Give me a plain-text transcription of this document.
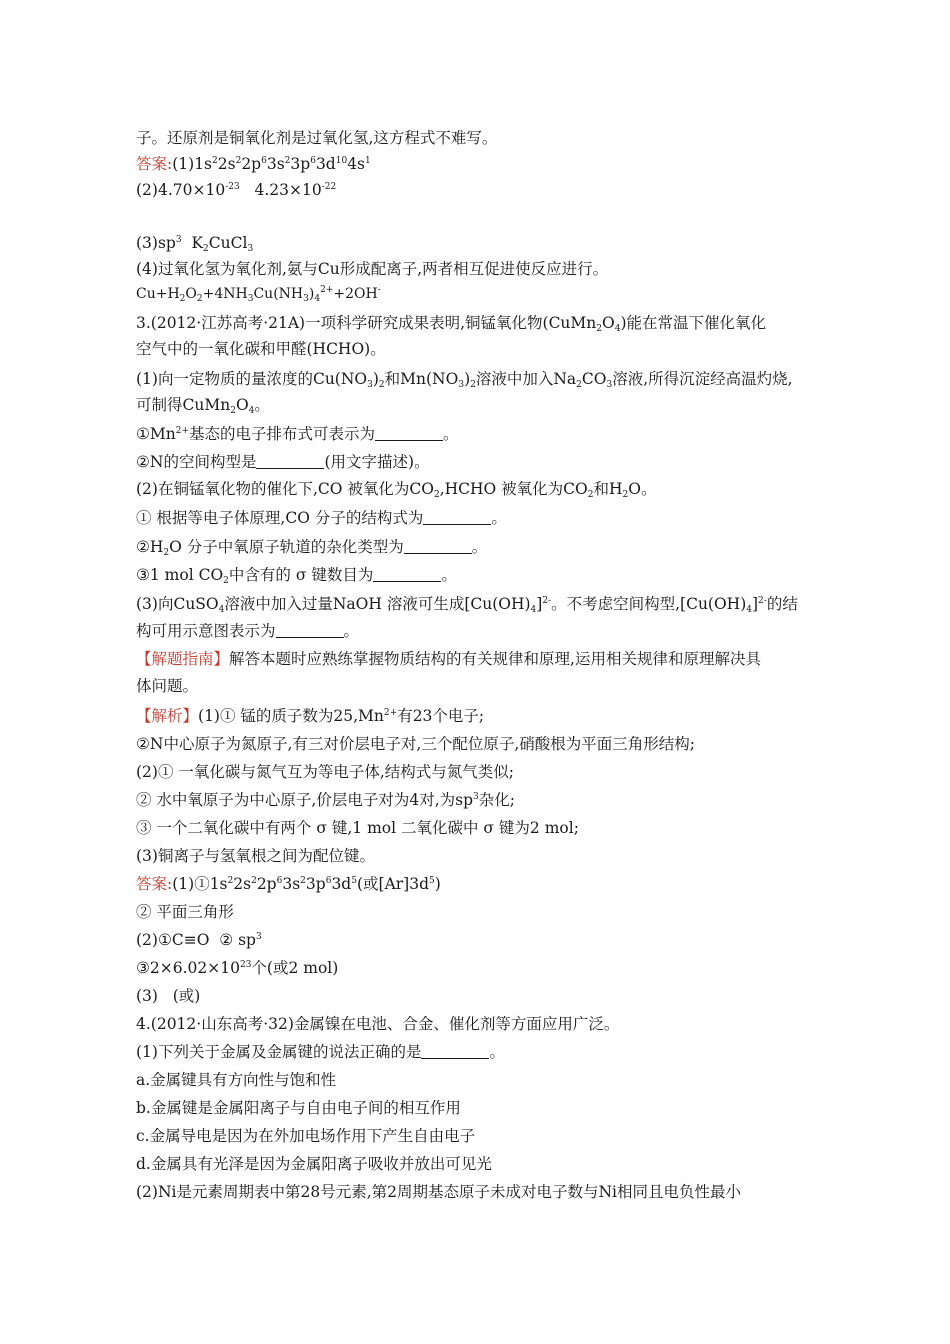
子。还原剂是铜氧化剂是过氧化氢,这方程式不难写。
答案$:(1)1s^22s^22p^63s^23p^63d^{10}4s^1$
$(2)4.70\times 10^{-23}$ $4.23\times 10^{-22}$
$(3)sp^3$ $K_2CuCl_3$
(4)过氧化氢为氧化剂,氨与Cu形成配离子,两者相互促进使反应进行。
$Cu+H_2O_2+4NH_3Cu(NH_3)_4^{2+}+2OH^-$
3.(2012·江苏高考·21A)一项科学研究成果表明,铜锰氧化物$(CuMn_2O_4)$能在常温下催化氧化
空气中的一氧化碳和甲醛(HCHO)。
(1)向一定物质的量浓度的$Cu(NO_3)_2$和$Mn(NO_3)_2$溶液中加入$Na_2CO_3$溶液,所得沉淀经高温灼烧,
可制得$CuMn_2O_4$。
$①Mn^{2+}$基态的电子排布式可表示为	。
②N的空间构型是	(用文字描述)。
(2)在铜锰氧化物的催化下,CO 被氧化为$CO_2,HCHO$ 被氧化为$CO_2$和$H_2O$。
① 根据等电子体原理,CO 分子的结构式为	。
$②H_2O$ 分子中氧原子轨道的杂化类型为	。
③1 mol $CO_2$中含有的 σ 键数目为	。
(3)向CuSO$_4$溶液中加入过量NaOH 溶液可生成$[Cu(OH)_4]^{2-}$。不考虑空间构型$,[Cu(OH)_4]^{2-}$的结
构可用示意图表示为	。
【解题指南】解答本题时应熟练掌握物质结构的有关规律和原理,运用相关规律和原理解决具
体问题。
【解析】(1)① 锰的质子数为$25,Mn^{2+}$有23个电子;
②N中心原子为氮原子,有三对价层电子对,三个配位原子,硝酸根为平面三角形结构;
(2)① 一氧化碳与氮气互为等电子体,结构式与氮气类似;
② 水中氧原子为中心原子,价层电子对为4对,为$sp^3$杂化;
③ 一个二氧化碳中有两个 σ 键,1 mol 二氧化碳中 σ 键为2 mol;
(3)铜离子与氢氧根之间为配位键。
答案$:(1)①1s^22s^22p^63s^23p^63d^5$(或$[Ar]3d^5$)
② 平面三角形
(2)①C≡O ② $sp^3$
$③2\times 6.02\times 10^{23}$个(或2 mol)
(3)   (或)
4.(2012·山东高考·32)金属镍在电池、合金、催化剂等方面应用广泛。
(1)下列关于金属及金属键的说法正确的是	。
a.金属键具有方向性与饱和性
b.金属键是金属阳离子与自由电子间的相互作用
c.金属导电是因为在外加电场作用下产生自由电子
d.金属具有光泽是因为金属阳离子吸收并放出可见光
(2)Ni是元素周期表中第28号元素,第2周期基态原子未成对电子数与Ni相同且电负性最小
